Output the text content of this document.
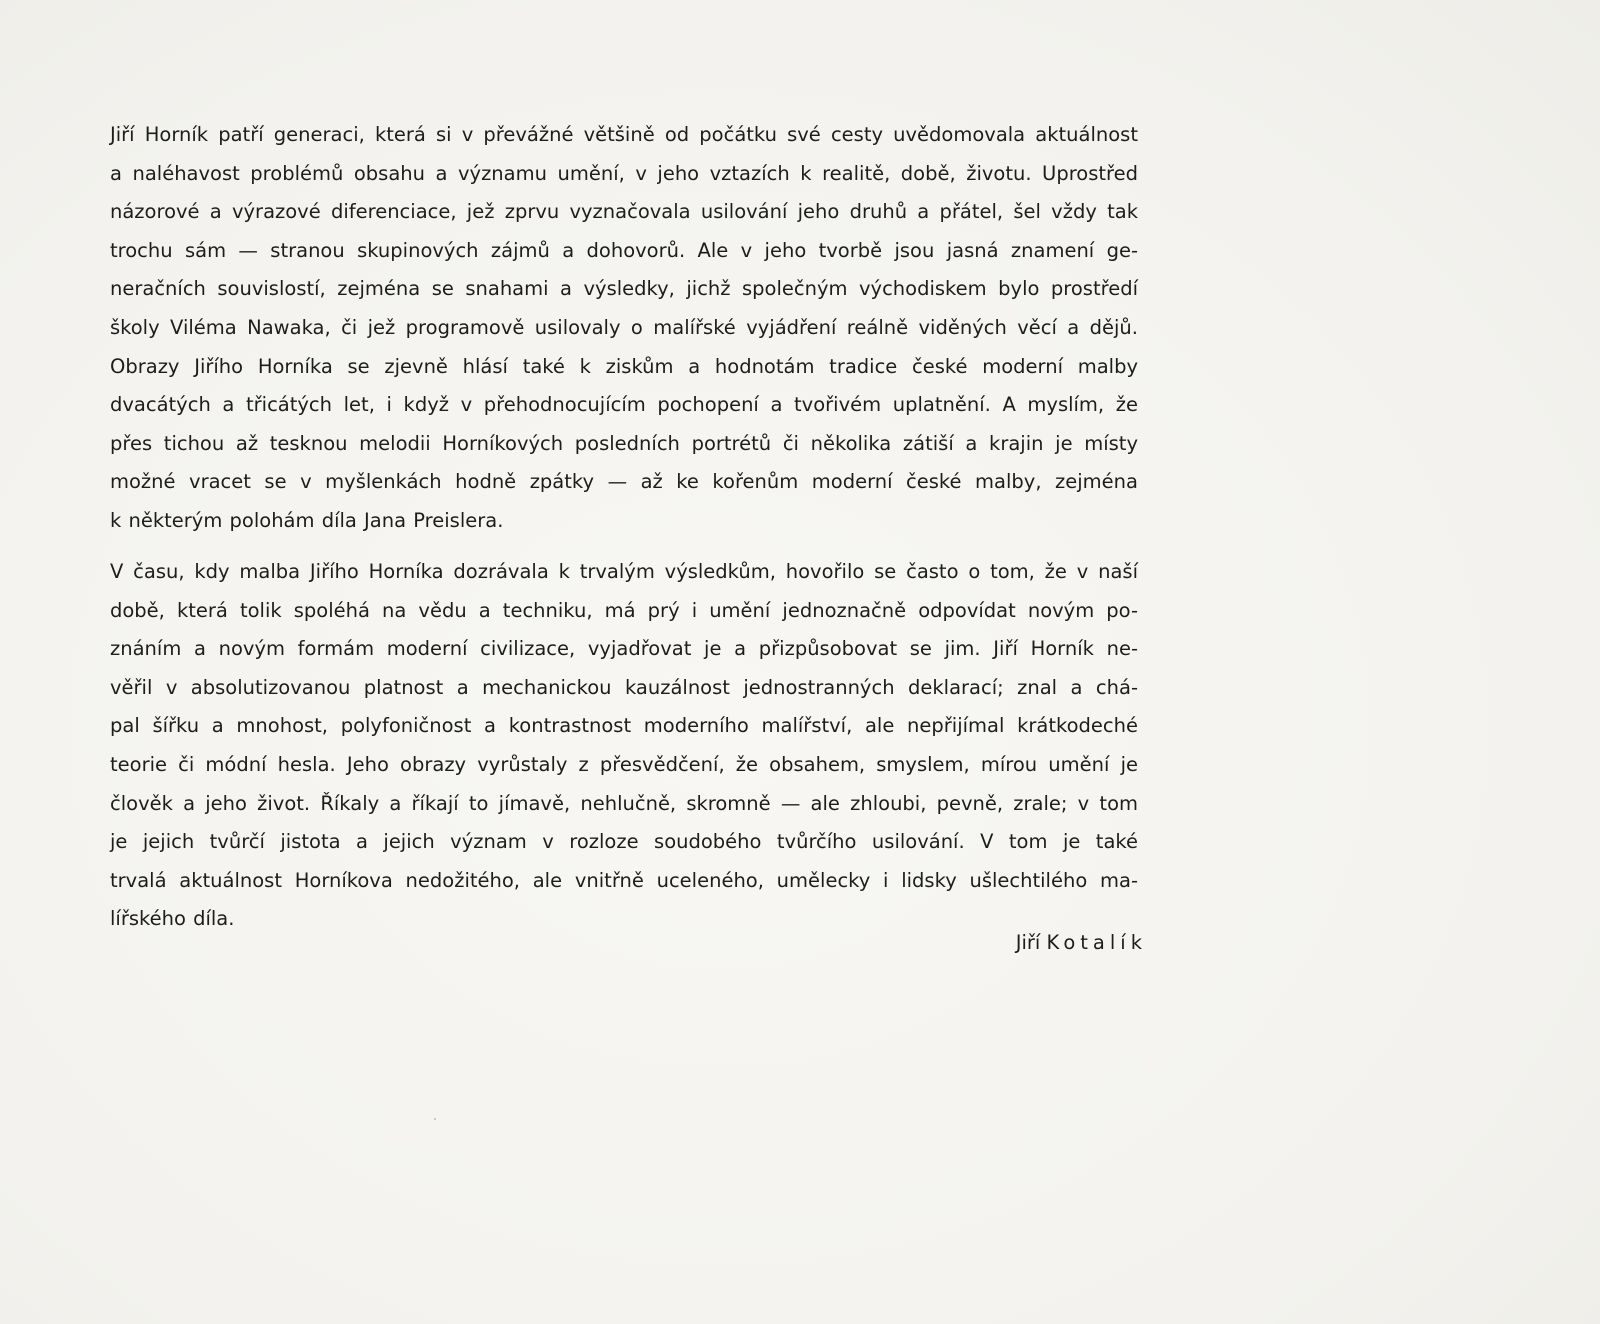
Jiří Horník patří generaci, která si v převážné většině od počátku své cesty uvědomovala aktuálnost
a naléhavost problémů obsahu a významu umění, v jeho vztazích k realitě, době, životu. Uprostřed
názorové a výrazové diferenciace, jež zprvu vyznačovala usilování jeho druhů a přátel, šel vždy tak
trochu sám — stranou skupinových zájmů a dohovorů. Ale v jeho tvorbě jsou jasná znamení ge-
neračních souvislostí, zejména se snahami a výsledky, jichž společným východiskem bylo prostředí
školy Viléma Nawaka, či jež programově usilovaly o malířské vyjádření reálně viděných věcí a dějů.
Obrazy Jiřího Horníka se zjevně hlásí také k ziskům a hodnotám tradice české moderní malby
dvacátých a třicátých let, i když v přehodnocujícím pochopení a tvořivém uplatnění. A myslím, že
přes tichou až tesknou melodii Horníkových posledních portrétů či několika zátiší a krajin je místy
možné vracet se v myšlenkách hodně zpátky — až ke kořenům moderní české malby, zejména
k některým polohám díla Jana Preislera.
V času, kdy malba Jiřího Horníka dozrávala k trvalým výsledkům, hovořilo se často o tom, že v naší
době, která tolik spoléhá na vědu a techniku, má prý i umění jednoznačně odpovídat novým po-
znáním a novým formám moderní civilizace, vyjadřovat je a přizpůsobovat se jim. Jiří Horník ne-
věřil v absolutizovanou platnost a mechanickou kauzálnost jednostranných deklarací; znal a chá-
pal šířku a mnohost, polyfoničnost a kontrastnost moderního malířství, ale nepřijímal krátkodeché
teorie či módní hesla. Jeho obrazy vyrůstaly z přesvědčení, že obsahem, smyslem, mírou umění je
člověk a jeho život. Říkaly a říkají to jímavě, nehlučně, skromně — ale zhloubi, pevně, zrale; v tom
je jejich tvůrčí jistota a jejich význam v rozloze soudobého tvůrčího usilování. V tom je také
trvalá aktuálnost Horníkova nedožitého, ale vnitřně uceleného, umělecky i lidsky ušlechtilého ma-
lířského díla.
Jiří Kotalík
